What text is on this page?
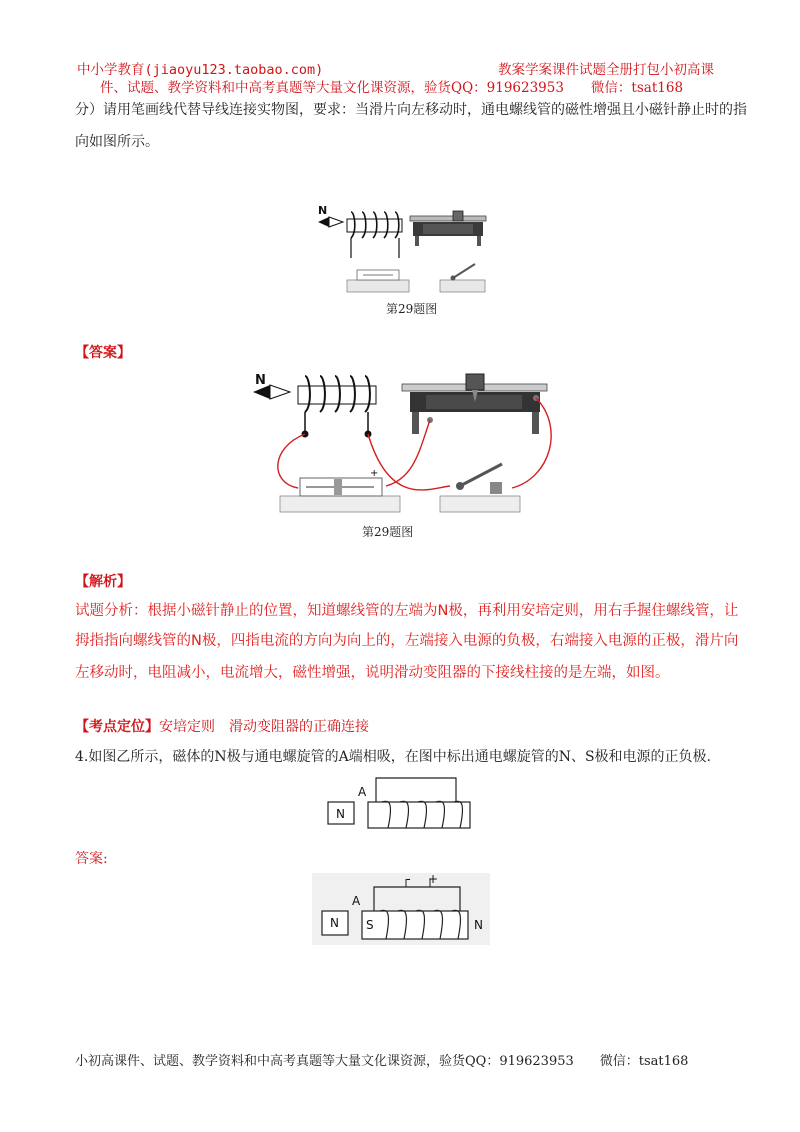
中小学教育(jiaoyu123.taobao.com)	教案学案课件试题全册打包小初高课
件、试题、教学资料和中高考真题等大量文化课资源，验货QQ：919623953　　微信：tsat168
分）请用笔画线代替导线连接实物图，要求：当滑片向左移动时，通电螺线管的磁性增强且小磁针静止时的指
向如图所示。
N
第29题图
【答案】
N
+
第29题图
【解析】
试题分析：根据小磁针静止的位置，知道螺线管的左端为N极，再利用安培定则，用右手握住螺线管，让
拇指指向螺线管的N极，四指电流的方向为向上的，左端接入电源的负极，右端接入电源的正极，滑片向
左移动时，电阻减小，电流增大，磁性增强，说明滑动变阻器的下接线柱接的是左端，如图。
【考点定位】安培定则　滑动变阻器的正确连接
4.如图乙所示，磁体的N极与通电螺旋管的A端相吸，在图中标出通电螺旋管的N、S极和电源的正负极.
N
A
答案:
N
A
- +
S	N
小初高课件、试题、教学资料和中高考真题等大量文化课资源，验货QQ：919623953　　微信：tsat168
